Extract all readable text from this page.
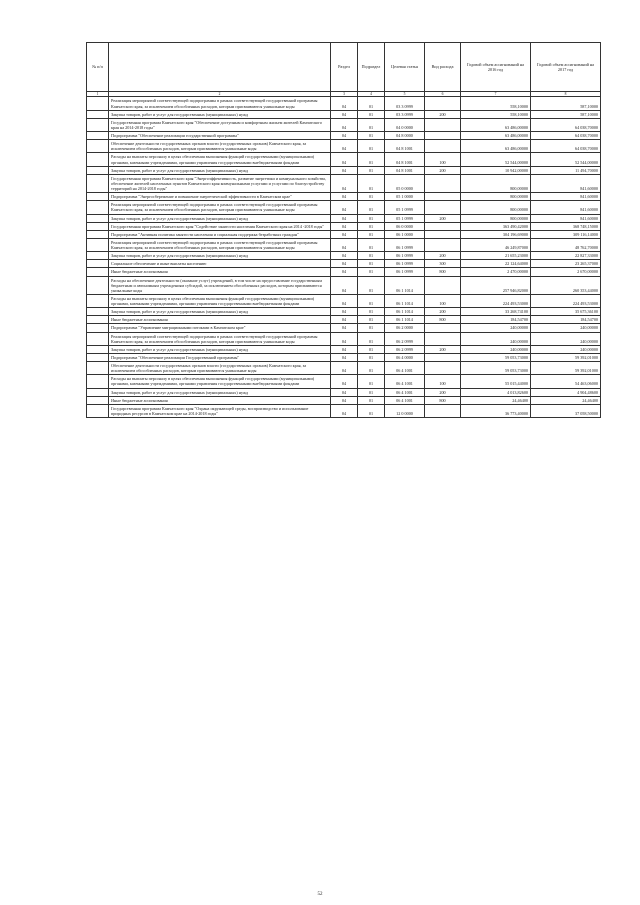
№ п/п		Раздел	Подраздел	Целевая статья	Вид расхода	Годовой объем ассигнований на 2016 год	Годовой объем ассигнований на 2017 год
1	2	3	4	5	6	7	8
	Реализация мероприятий соответствующей подпрограммы в рамках соответствующей государственной программы Камчатского края, за исключением обособленных расходов, которым присваиваются уникальные коды	04	01	03 3 0999		558,10000	587,10000
	Закупка товаров, работ и услуг для государственных (муниципальных) нужд	04	01	03 3 0999	200	558,10000	587,10000
	Государственная программа Камчатского края "Обеспечение доступным и комфортным жильем жителей Камчатского края на 2014-2018 годы"	04	01	04 0 0000		63 486,00000	64 038,70000
	Подпрограмма "Обеспечение реализации государственной программы"	04	01	04 8 0000		63 486,00000	64 038,70000
	Обеспечение деятельности государственных органов власти (государственных органов) Камчатского края, за исключением обособленных расходов, которым присваиваются уникальные коды	04	01	04 8 1001		63 486,00000	64 038,70000
	Расходы на выплаты персоналу в целях обеспечения выполнения функций государственными (муниципальными) органами, казенными учреждениями, органами управления государственными внебюджетными фондами	04	01	04 8 1001	100	52 544,00000	52 544,00000
	Закупка товаров, работ и услуг для государственных (муниципальных) нужд	04	01	04 8 1001	200	10 942,00000	11 494,70000
	Государственная программа Камчатского края "Энергоэффективность, развитие энергетики и коммунального хозяйства, обеспечение жителей населенных пунктов Камчатского края коммунальными услугами и услугами по благоустройству территорий на 2014-2018 годы"	04	01	05 0 0000		800,00000	841,60000
	Подпрограмма "Энергосбережение и повышение энергетической эффективности в Камчатском крае"	04	01	05 1 0000		800,00000	841,60000
	Реализация мероприятий соответствующей подпрограммы в рамках соответствующей государственной программы Камчатского края, за исключением обособленных расходов, которым присваиваются уникальные коды	04	01	05 1 0999		800,00000	841,60000
	Закупка товаров, работ и услуг для государственных (муниципальных) нужд	04	01	05 1 0999	200	800,00000	841,60000
	Государственная программа Камчатского края "Содействие занятости населения Камчатского края на 2014 -2018 годы"	04	01	06 0 0000		363 490,42000	368 748,15000
	Подпрограмма "Активная политика занятости населения и социальная поддержка безработных граждан"	04	01	06 1 0000		304 196,69000	309 116,14000
	Реализация мероприятий соответствующей подпрограммы в рамках соответствующей государственной программы Камчатского края, за исключением обособленных расходов, которым присваиваются уникальные коды	04	01	06 1 0999		46 249,87000	48 762,70000
	Закупка товаров, работ и услуг для государственных (муниципальных) нужд	04	01	06 1 0999	200	21 655,23000	22 827,33000
	Социальное обеспечение и иные выплаты населению	04	01	06 1 0999	300	22 124,64000	23 265,37000
	Иные бюджетные ассигнования	04	01	06 1 0999	800	2 470,00000	2 670,00000
	Расходы на обеспечение деятельности (оказание услуг) учреждений, в том числе на предоставление государственным бюджетным и автономным учреждениям субсидий, за исключением обособленных расходов, которым присваиваются уникальные коды	04	01	06 1 1014		257 946,82000	260 353,44000
	Расходы на выплаты персоналу в целях обеспечения выполнения функций государственными (муниципальными) органами, казенными учреждениями, органами управления государственными внебюджетными фондами	04	01	06 1 1014	100	224 493,53000	224 493,53000
	Закупка товаров, работ и услуг для государственных (муниципальных) нужд	04	01	06 1 1014	200	33 268,74100	35 675,36100
	Иные бюджетные ассигнования	04	01	06 1 1014	800	184,54700	184,54700
	Подпрограмма "Управление миграционными потоками в Камчатском крае"	04	01	06 2 0000		240,00000	240,00000
	Реализация мероприятий соответствующей подпрограммы в рамках соответствующей государственной программы Камчатского края, за исключением обособленных расходов, которым присваиваются уникальные коды	04	01	06 2 0999		240,00000	240,00000
	Закупка товаров, работ и услуг для государственных (муниципальных) нужд	04	01	06 2 0999	200	240,00000	240,00000
	Подпрограмма "Обеспечение реализации Государственной программы"	04	01	06 4 0000		59 053,73000	59 392,01000
	Обеспечение деятельности государственных органов власти (государственных органов) Камчатского края, за исключением обособленных расходов, которым присваиваются уникальные коды	04	01	06 4 1001		59 053,73000	59 392,01000
	Расходы на выплаты персоналу в целях обеспечения выполнения функций государственными (муниципальными) органами, казенными учреждениями, органами управления государственными внебюджетными фондами	04	01	06 4 1001	100	55 015,44000	54 463,06000
	Закупка товаров, работ и услуг для государственных (муниципальных) нужд	04	01	06 4 1001	200	4 013,82600	4 904,48600
	Иные бюджетные ассигнования	04	01	06 4 1001	800	24,46400	24,46400
	Государственная программа Камчатского края "Охрана окружающей среды, воспроизводство и использование природных ресурсов в Камчатском крае на 2014-2018 годы"	04	01	12 0 0000		36 773,40000	37 058,50000
52
